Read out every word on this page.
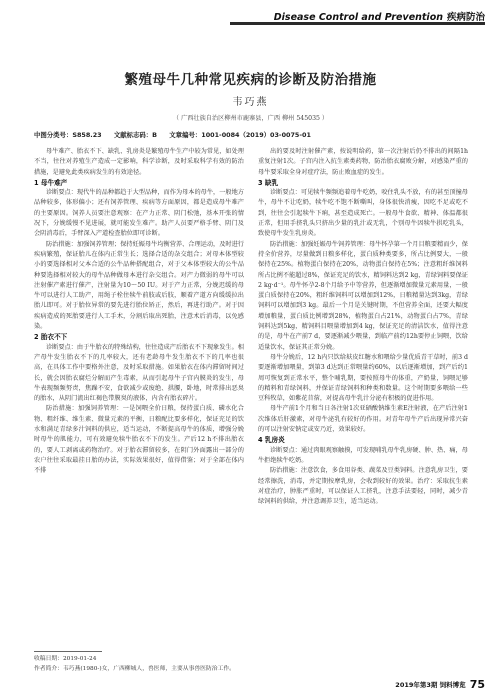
Disease Control and Prevention 疾病防治
繁殖母牛几种常见疾病的诊断及防治措施
韦巧燕
（ 广西壮族自治区柳州市鹿寨县，广西 柳州 545035 ）
中图分类号：S858.23 文献标志码：B 文章编号：1001-0084（2019）03-0075-01

母牛难产、胎衣不下、缺乳、乳房炎是繁殖母牛生产中较为常见，如处理不当，往往对养殖生产造成一定影响，科学诊断，及时采取科学有效的防治措施，是避免此类疾病发生的有效途径。

1 母牛难产

诊断要点：现代牛的品种都趋于大型品种，而作为母本的母牛，一般地方品种较多，体形偏小；还有饲养管理、疾病等方面原因，都是造成母牛难产的主要原因。饲养人员要注意观察：在产力正常、阴门松弛，基本开张的情况下，分娩缓慢不见进展，就可能发生难产。助产人员要严格手臂、阴门及会阴消毒后，手臂深入产道检查胎位即可诊断。

防治措施：加强饲养管理；保持妊娠母牛均衡营养、合理运动，及时进行疾病繁殖，保证胎儿在体内正常生长；选择合适的杂交组合；对母本体型较小的要选择相对父本合适的公牛品种搭配组合，对于父本体型较大的公牛品种要选择相对较大的母牛品种做母本进行杂交组合。对产力微弱的母牛可以注射催产素进行催产，注射量为10～50 IU。对于产力正常，分娩迟缓的母牛可以进行人工助产，用绳子栓住犊牛前肢或后肢，顺着产道方向缓缓拉出胎儿即可。对于胎位异常的要先进行胎位矫正，然后，再进行助产。对于因疾病造成的死胎要进行人工手术，分割后取出死胎，注意术后消毒，以免感染。

2 胎衣不下

诊断要点：由于牛胎衣的特殊结构，往往造成产后胎衣不下现象发生。相产母牛发生胎衣不下的几率较大，还有老龄母牛发生胎衣不下的几率也很高，在具体工作中要格外注意，及时采取措施。如果胎衣在体内滞留时间过长，就会因胎衣腐烂分解而产生毒素，从而引起母牛子宫内膜炎的发生，母牛表现频频努责，焦躁不安，食欲减少或废绝、拱腰，卧地，时常排出恶臭的胎水，从阴门流出红褐色带膜臭的液体，内含有胎衣碎片。

防治措施：加强饲养管理：一是饲喂全价日粮，保持蛋白质、磷水化合物、粗纤维、维生素、微量元素的平衡，日粮配比要多样化，保证充足的饮水和满足青绿多汁饲料的供应，适当运动，不断提高母牛的体质，增强分娩时母牛的肌能力，可有效避免犊牛胎衣不下的发生。产后12 h不排出胎衣的，要人工剥离或药物治疗。对于胎衣滞留较多，在阴门外面露出一部分的农户往往采取最挂日胎的办法，实际效果很好，值得借鉴；对于全部在体内不排

出的要及时注射催产素，按说明给药，第一次注射后仍不排出的间隔1h重复注射1次。子宫内注入抗生素类药物，防治胎衣腐败分解，对感染严重的母牛要采取全身对症疗法，防止败血症的发生。

3 缺乳

诊断要点：可见犊牛频频追着母牛吃奶，咬住乳头不放，有的甚至顶撞母牛，母牛不让吃奶，犊牛吃不饱不断嘶叫，身体很快消瘦，因吃不足或吃不到，往往会引起犊牛下痢，甚至造成死亡。一般母牛食欲、精神、体温都很正常，但用手挤乳头只挤出少量的乳汁或无乳，个别母牛因犊牛拱吃乳头，致使母牛发生乳房炎。

防治措施：加强妊娠母牛饲养管理：母牛怀孕第一个月目粮要精而少，保持全价营养，尽量做到日粮多样化，蛋白质种类要多，所占比例要大，一般保持在25%。植物蛋白保持在20%，动物蛋白保持在5%；注意粗纤维饲料所占比例不能超过8%，保证充足的饮水，精饲料达到2 kg，青绿饲料要保证2 kg·d⁻¹。母牛怀孕2-8个月给予中等营养，但逐渐增加微量元素用量，一般蛋白质保持在20%，粗纤维饲料可以增加到12%，日粮精量达到3kg，青绿饲料可以增加到3 kg。最后一个月是关键时期，不但营养全面，还要大幅度增加粮量，蛋白质比例增到28%，植物蛋白占21%，动物蛋白占7%，青绿饲料达到5kg，精饲料目喂量增加到4 kg，保证充足的清洁饮水，值得注意的是，母牛在产前7 d，要逐渐减少喂量，到临产前约12h要停止饲喂，饮给适量饮水，保证其正常分娩。

母牛分娩后，12 h内只饮给麸皮红糖水和喂给少量优质青干草时，前3 d要逐渐增加喂量，到第3 d达到正常喂量约60%，以后逐渐增加，到产后约1周可恢复到正常水平，整个哺乳期，要按照母牛的体重，产奶量，饲喂足够的精料和青绿饲料，并保证青绿饲料和种类和数量。这个时期要多喂给一些豆科牧草，如紫花苜蓿，对提高母牛乳汁分泌有积极的促进作用。

母牛产前1个月和当日各注射1次亚硒酸钠维生素E注射液，在产后注射1次维体后肝激素，对母牛泌乳有较好的作用。对青年母牛产后出现异常兴奋的可以注射安钠定或安乃近，效果较好。

4 乳房炎

诊断要点：通过肉眼观察触摸，可发现哺乳母牛乳房硬、肿、热、痛，母牛拒绝犊牛吃奶。

防治措施：注意饮食，多食用谷类、蔬菜及豆类饲料。注意乳房卫生，要经常擦洗，消毒，并定期按摩乳房，会收到较好的效果。治疗：采取抗生素对症治疗，肿胀严重时，可以保证人工挤乳，注意手法要轻，同时，减少青绿饲料的供给，并注意调养卫生，适当运动。

收稿日期：2019-01-24
作者简介：韦巧燕(1980-)女，广西柳城人，兽医师，主要从事兽医防治工作。
2019年第3期 饲料博览 75
